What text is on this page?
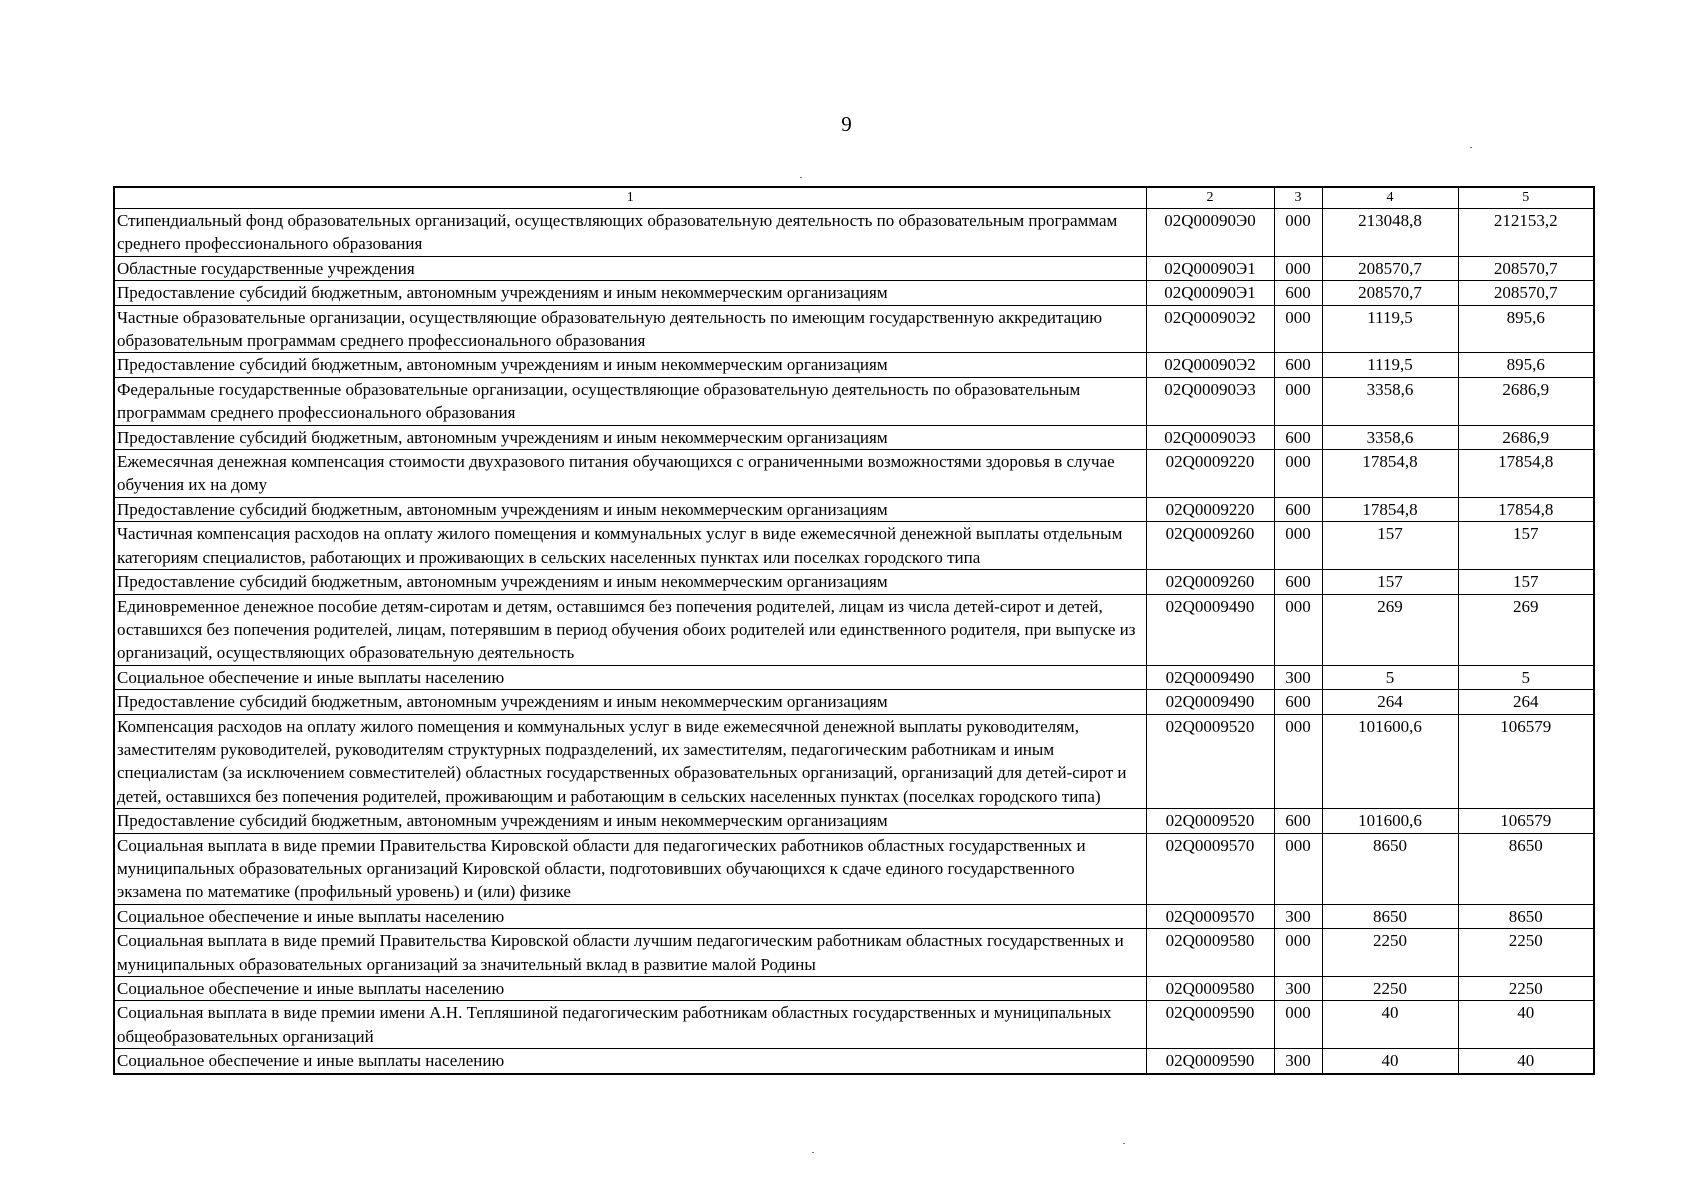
9
1	2	3	4	5
Стипендиальный фонд образовательных организаций, осуществляющих образовательную деятельность по образовательным программам среднего профессионального образования	02Q00090Э0	000	213048,8	212153,2
Областные государственные учреждения	02Q00090Э1	000	208570,7	208570,7
Предоставление субсидий бюджетным, автономным учреждениям и иным некоммерческим организациям	02Q00090Э1	600	208570,7	208570,7
Частные образовательные организации, осуществляющие образовательную деятельность по имеющим государственную аккредитацию образовательным программам среднего профессионального образования	02Q00090Э2	000	1119,5	895,6
Предоставление субсидий бюджетным, автономным учреждениям и иным некоммерческим организациям	02Q00090Э2	600	1119,5	895,6
Федеральные государственные образовательные организации, осуществляющие образовательную деятельность по образовательным программам среднего профессионального образования	02Q00090Э3	000	3358,6	2686,9
Предоставление субсидий бюджетным, автономным учреждениям и иным некоммерческим организациям	02Q00090Э3	600	3358,6	2686,9
Ежемесячная денежная компенсация стоимости двухразового питания обучающихся с ограниченными возможностями здоровья в случае обучения их на дому	02Q0009220	000	17854,8	17854,8
Предоставление субсидий бюджетным, автономным учреждениям и иным некоммерческим организациям	02Q0009220	600	17854,8	17854,8
Частичная компенсация расходов на оплату жилого помещения и коммунальных услуг в виде ежемесячной денежной выплаты отдельным категориям специалистов, работающих и проживающих в сельских населенных пунктах или поселках городского типа	02Q0009260	000	157	157
Предоставление субсидий бюджетным, автономным учреждениям и иным некоммерческим организациям	02Q0009260	600	157	157
Единовременное денежное пособие детям-сиротам и детям, оставшимся без попечения родителей, лицам из числа детей-сирот и детей, оставшихся без попечения родителей, лицам, потерявшим в период обучения обоих родителей или единственного родителя, при выпуске из организаций, осуществляющих образовательную деятельность	02Q0009490	000	269	269
Социальное обеспечение и иные выплаты населению	02Q0009490	300	5	5
Предоставление субсидий бюджетным, автономным учреждениям и иным некоммерческим организациям	02Q0009490	600	264	264
Компенсация расходов на оплату жилого помещения и коммунальных услуг в виде ежемесячной денежной выплаты руководителям, заместителям руководителей, руководителям структурных подразделений, их заместителям, педагогическим работникам и иным специалистам (за исключением совместителей) областных государственных образовательных организаций, организаций для детей-сирот и детей, оставшихся без попечения родителей, проживающим и работающим в сельских населенных пунктах (поселках городского типа)	02Q0009520	000	101600,6	106579
Предоставление субсидий бюджетным, автономным учреждениям и иным некоммерческим организациям	02Q0009520	600	101600,6	106579
Социальная выплата в виде премии Правительства Кировской области для педагогических работников областных государственных и муниципальных образовательных организаций Кировской области, подготовивших обучающихся к сдаче единого государственного экзамена по математике (профильный уровень) и (или) физике	02Q0009570	000	8650	8650
Социальное обеспечение и иные выплаты населению	02Q0009570	300	8650	8650
Социальная выплата в виде премий Правительства Кировской области лучшим педагогическим работникам областных государственных и муниципальных образовательных организаций за значительный вклад в развитие малой Родины	02Q0009580	000	2250	2250
Социальное обеспечение и иные выплаты населению	02Q0009580	300	2250	2250
Социальная выплата в виде премии имени А.Н. Тепляшиной педагогическим работникам областных государственных и муниципальных общеобразовательных организаций	02Q0009590	000	40	40
Социальное обеспечение и иные выплаты населению	02Q0009590	300	40	40
